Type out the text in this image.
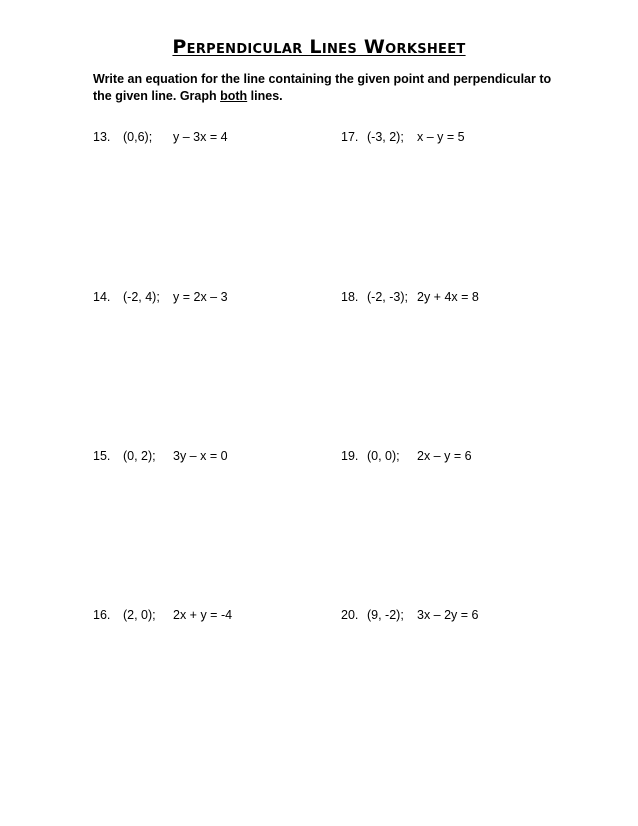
Perpendicular Lines Worksheet
Write an equation for the line containing the given point and perpendicular to the given line. Graph both lines.
13. (0,6); y – 3x = 4
14. (-2, 4); y = 2x – 3
15. (0, 2); 3y – x = 0
16. (2, 0); 2x + y = -4
17. (-3, 2); x – y = 5
18. (-2, -3); 2y + 4x = 8
19. (0, 0); 2x – y = 6
20. (9, -2); 3x – 2y = 6
